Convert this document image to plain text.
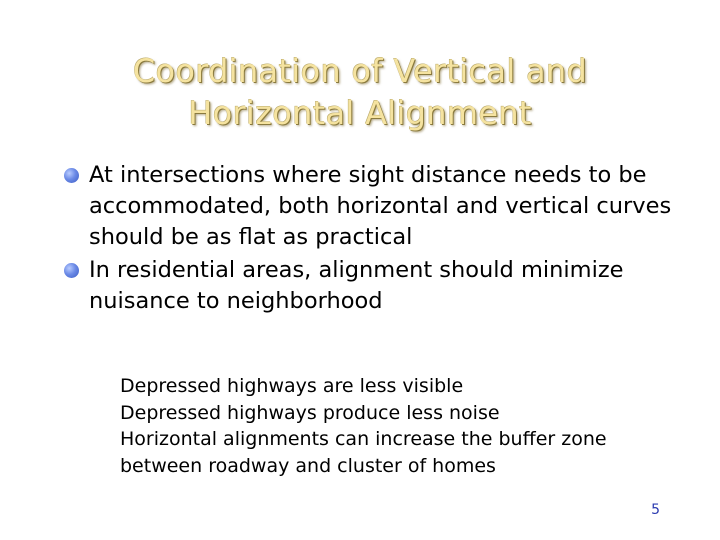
Coordination of Vertical and
Horizontal Alignment
At intersections where sight distance needs to be accommodated, both horizontal and vertical curves should be as flat as practical
In residential areas, alignment should minimize nuisance to neighborhood
Depressed highways are less visible
Depressed highways produce less noise
Horizontal alignments can increase the buffer zone between roadway and cluster of homes
5
